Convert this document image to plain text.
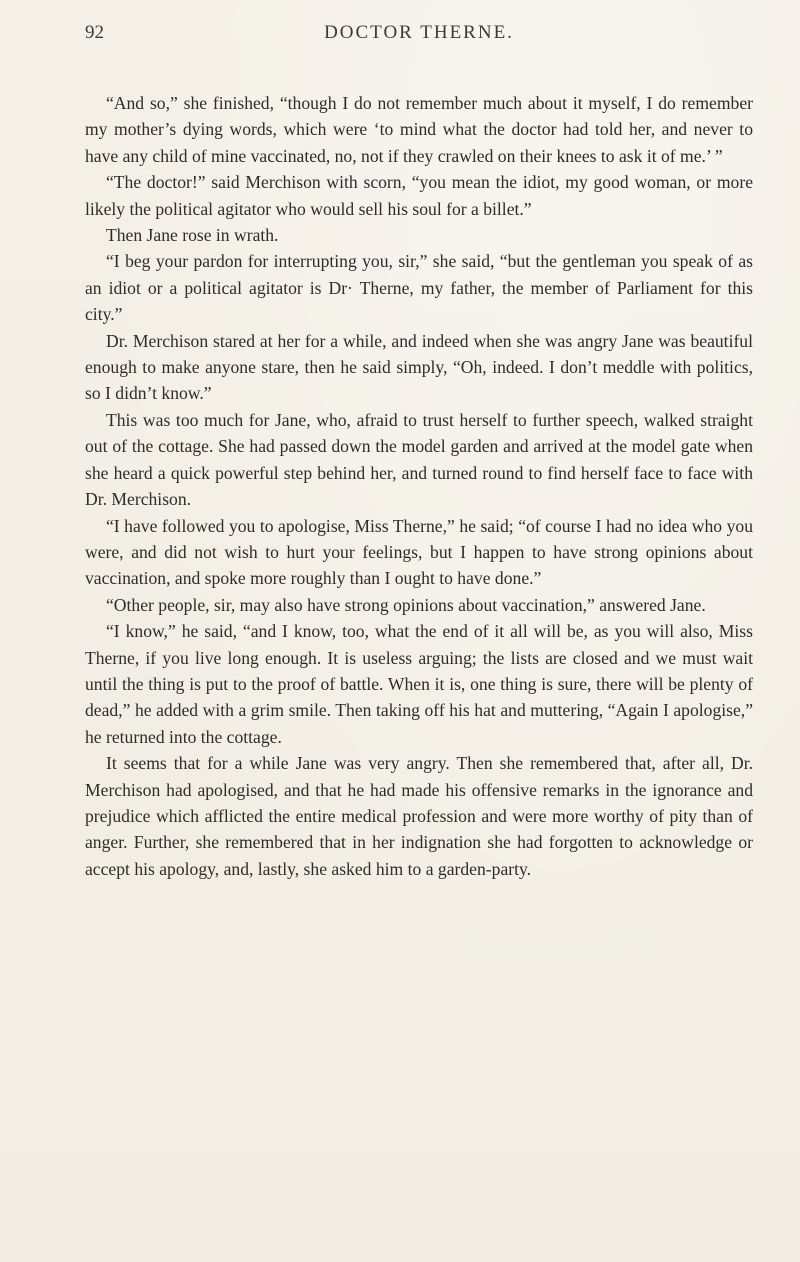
92	DOCTOR THERNE.

“And so,” she finished, “though I do not remember much about it myself, I do remember my mother’s dying words, which were ‘to mind what the doctor had told her, and never to have any child of mine vaccinated, no, not if they crawled on their knees to ask it of me.’ ”

“The doctor!” said Merchison with scorn, “you mean the idiot, my good woman, or more likely the political agitator who would sell his soul for a billet.”

Then Jane rose in wrath.

“I beg your pardon for interrupting you, sir,” she said, “but the gentleman you speak of as an idiot or a political agitator is Dr· Therne, my father, the member of Parliament for this city.”

Dr. Merchison stared at her for a while, and indeed when she was angry Jane was beautiful enough to make anyone stare, then he said simply, “Oh, indeed. I don’t meddle with politics, so I didn’t know.”

This was too much for Jane, who, afraid to trust herself to further speech, walked straight out of the cottage. She had passed down the model garden and arrived at the model gate when she heard a quick powerful step behind her, and turned round to find herself face to face with Dr. Merchison.

“I have followed you to apologise, Miss Therne,” he said; “of course I had no idea who you were, and did not wish to hurt your feelings, but I happen to have strong opinions about vaccination, and spoke more roughly than I ought to have done.”

“Other people, sir, may also have strong opinions about vaccination,” answered Jane.

“I know,” he said, “and I know, too, what the end of it all will be, as you will also, Miss Therne, if you live long enough. It is useless arguing; the lists are closed and we must wait until the thing is put to the proof of battle. When it is, one thing is sure, there will be plenty of dead,” he added with a grim smile. Then taking off his hat and muttering, “Again I apologise,” he returned into the cottage.

It seems that for a while Jane was very angry. Then she remembered that, after all, Dr. Merchison had apologised, and that he had made his offensive remarks in the ignorance and prejudice which afflicted the entire medical profession and were more worthy of pity than of anger. Further, she remembered that in her indignation she had forgotten to acknowledge or accept his apology, and, lastly, she asked him to a garden-party.
